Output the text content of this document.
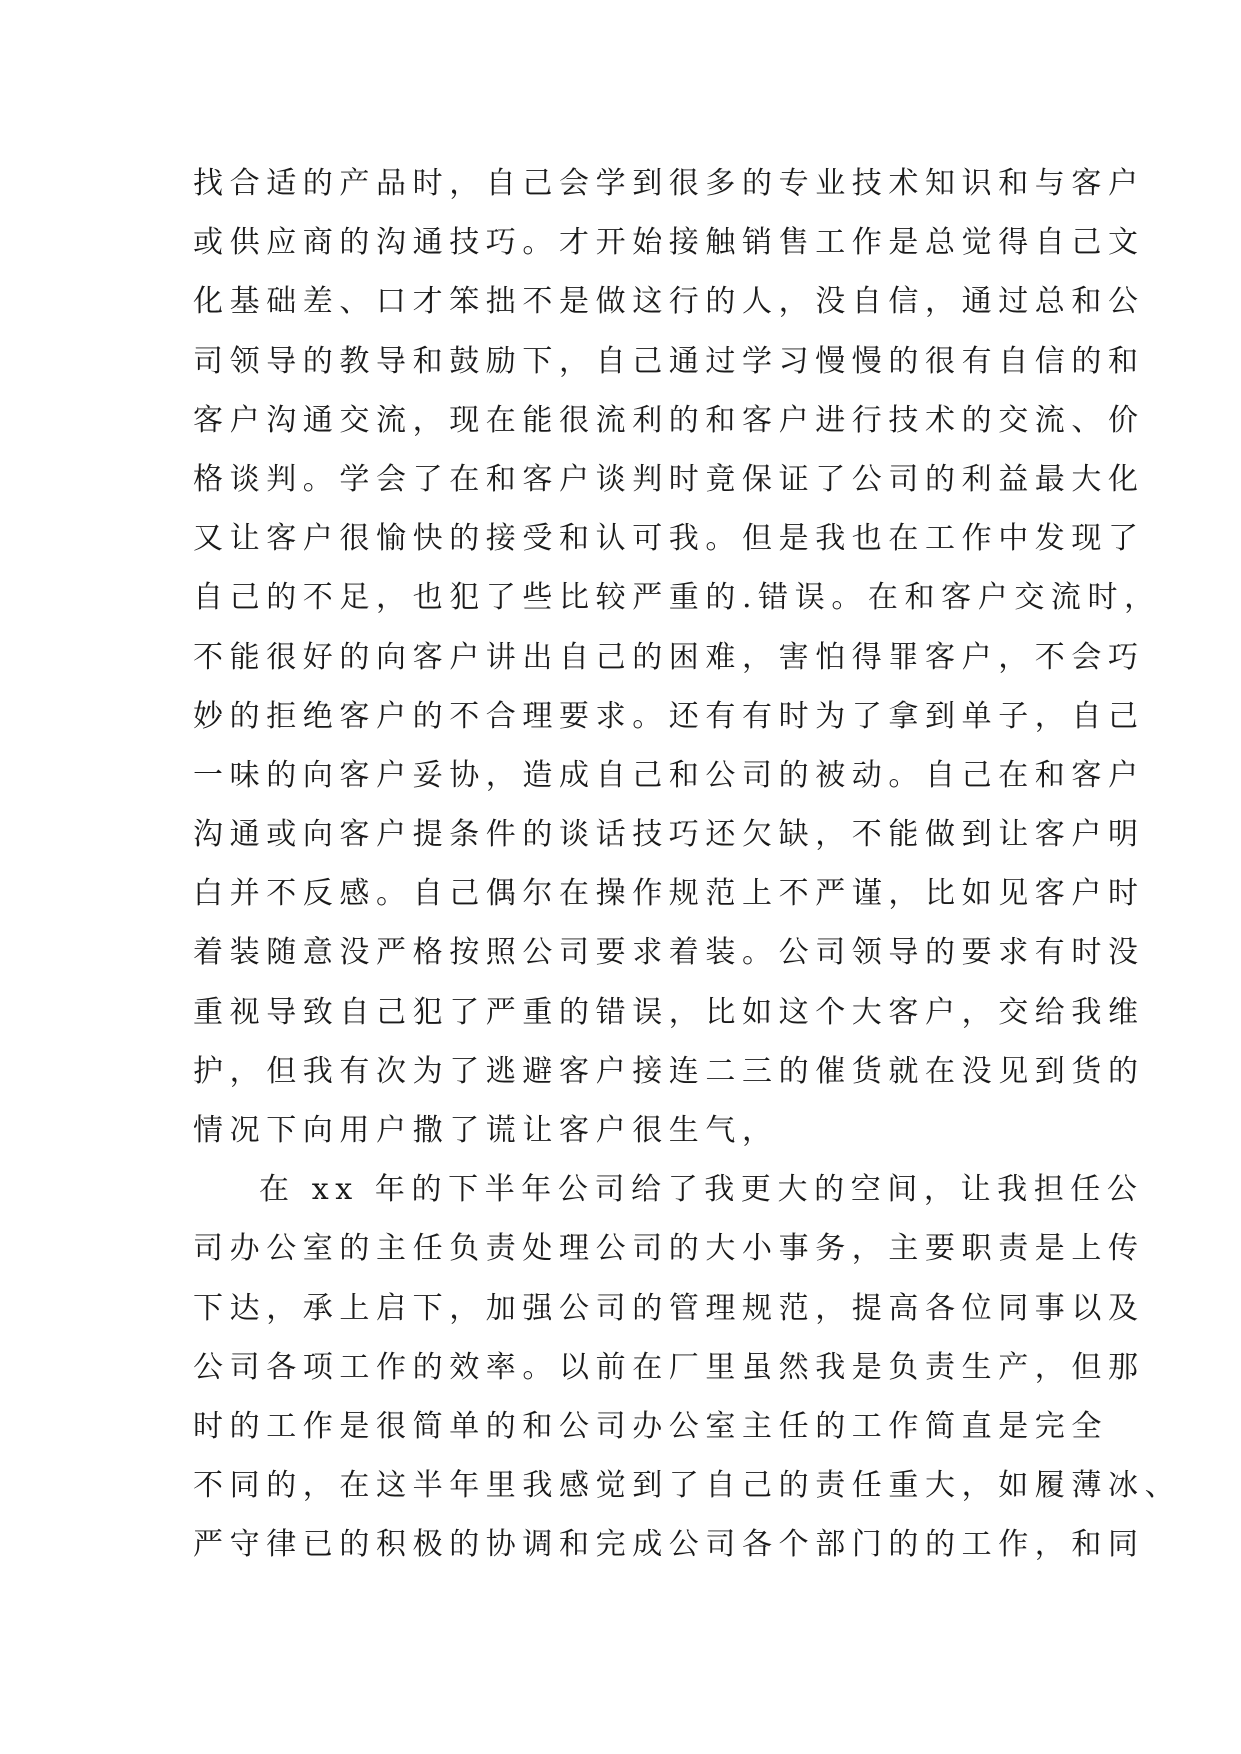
找合适的产品时，自己会学到很多的专业技术知识和与客户
或供应商的沟通技巧。才开始接触销售工作是总觉得自己文
化基础差、口才笨拙不是做这行的人，没自信，通过总和公
司领导的教导和鼓励下，自己通过学习慢慢的很有自信的和
客户沟通交流，现在能很流利的和客户进行技术的交流、价
格谈判。学会了在和客户谈判时竟保证了公司的利益最大化
又让客户很愉快的接受和认可我。但是我也在工作中发现了
自己的不足，也犯了些比较严重的.错误。在和客户交流时，
不能很好的向客户讲出自己的困难，害怕得罪客户，不会巧
妙的拒绝客户的不合理要求。还有有时为了拿到单子，自己
一味的向客户妥协，造成自己和公司的被动。自己在和客户
沟通或向客户提条件的谈话技巧还欠缺，不能做到让客户明
白并不反感。自己偶尔在操作规范上不严谨，比如见客户时
着装随意没严格按照公司要求着装。公司领导的要求有时没
重视导致自己犯了严重的错误，比如这个大客户，交给我维
护，但我有次为了逃避客户接连二三的催货就在没见到货的
情况下向用户撒了谎让客户很生气，
在 xx 年的下半年公司给了我更大的空间，让我担任公
司办公室的主任负责处理公司的大小事务，主要职责是上传
下达，承上启下，加强公司的管理规范，提高各位同事以及
公司各项工作的效率。以前在厂里虽然我是负责生产，但那
时的工作是很简单的和公司办公室主任的工作简直是完全
不同的，在这半年里我感觉到了自己的责任重大，如履薄冰、
严守律已的积极的协调和完成公司各个部门的的工作，和同
